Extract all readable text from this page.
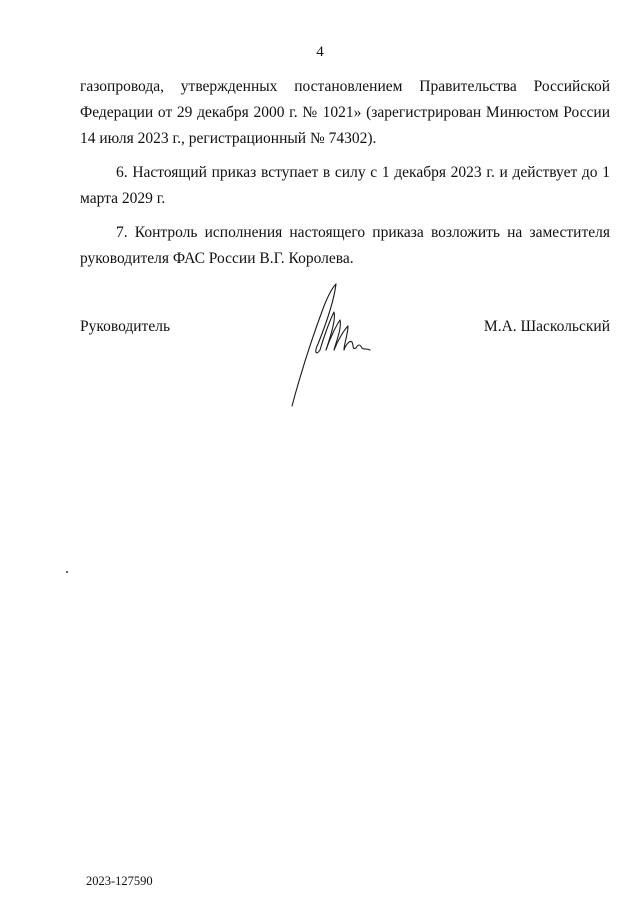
4

газопровода, утвержденных постановлением Правительства Российской Федерации от 29 декабря 2000 г. № 1021» (зарегистрирован Минюстом России 14 июля 2023 г., регистрационный № 74302).

6. Настоящий приказ вступает в силу с 1 декабря 2023 г. и действует до 1 марта 2029 г.

7. Контроль исполнения настоящего приказа возложить на заместителя руководителя ФАС России В.Г. Королева.

Руководитель	М.А. Шаскольский
2023-127590
